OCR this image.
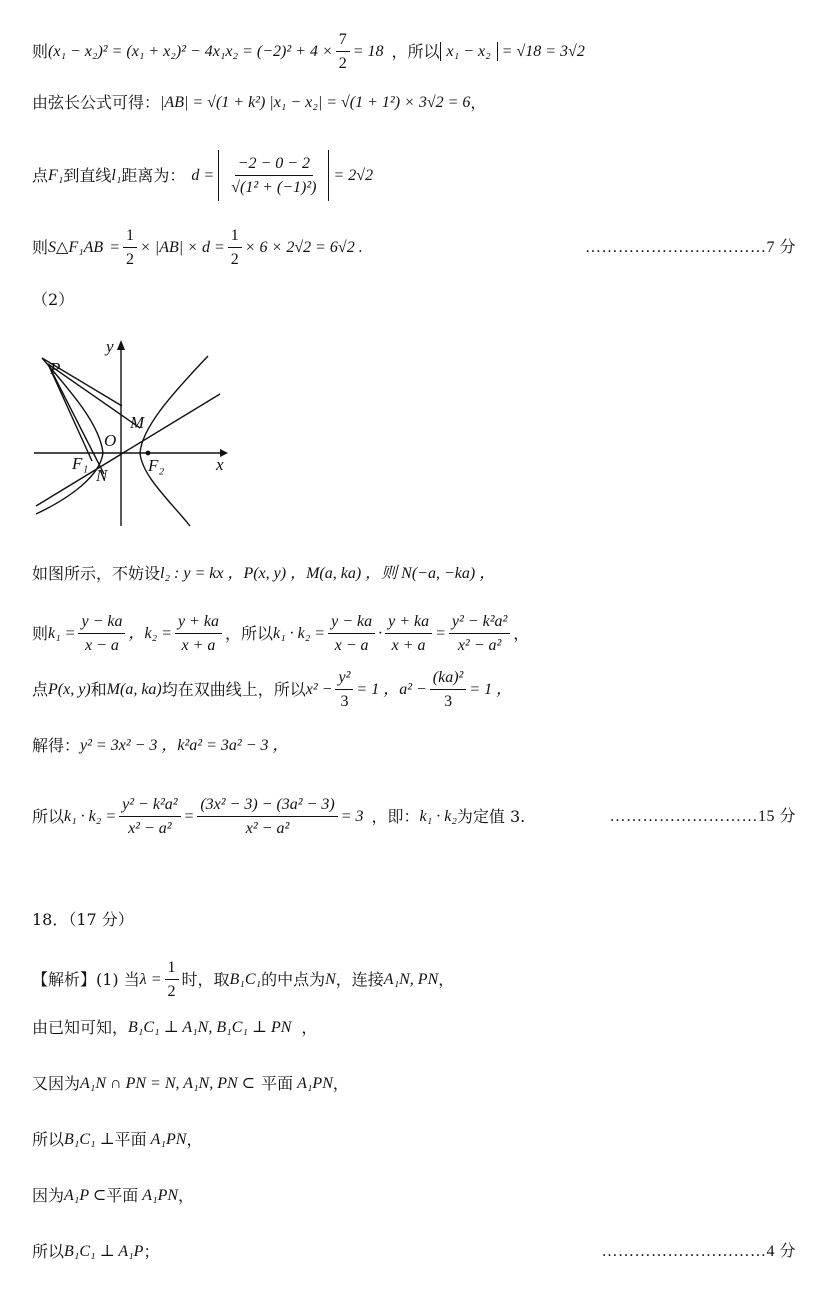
则 $(x_1 - x_2)^2 = (x_1 + x_2)^2 - 4x_1x_2 = (-2)^2 + 4 \times \frac{7}{2} = 18$ ，所以 x₁ − x₂ = √18 = 3√2
由弦长公式可得： |AB| = √(1 + k²) |x₁ − x₂| = √(1 + 1²) × 3√2 = 6 ，
点 F₁ 到直线 l₁ 距离为： $d = \frac{-2 - 0 - 2}{\text{√(1² + (−1)²)}} = 2√2$
则 S△F₁AB = $\frac{1}{2} \times |AB| \times d = \frac{1}{2} \times 6 \times 2√2 = 6√2$ .	……………………………7 分
（2）
y
x
P
M
O
F₁
N
F₂
如图所示，不妨设 l₂ : y = kx ，P(x, y) ，M(a, ka) ，则 N(−a, −ka) ，
则 $k_1 = \frac{y - ka}{x - a}$ ，$k_2 = \frac{y + ka}{x + a}$ ，所以 $k_1 \cdot k_2 = \frac{y - ka}{x - a} \cdot \frac{y + ka}{x + a} = \frac{\text{y² − k²a²}}{\text{x² − a²}}$ ，
点 P(x, y) 和 M(a, ka) 均在双曲线上，所以 $x^2 - \frac{\text{y²}}{3} = 1$ ，$a^2 - \frac{\text{(ka)²}}{3} = 1$ ，
解得： y² = 3x² − 3 ，k²a² = 3a² − 3 ，
所以 $k_1 \cdot k_2 = \frac{\text{y² − k²a²}}{\text{x² − a²}} = \frac{\text{(3x² − 3) − (3a² − 3)}}{\text{x² − a²}} = 3$ ，即： k₁ · k₂ 为定值 3.	………………………15 分
18．（17 分）
【解析】(1) 当 $\lambda = \frac{1}{2}$ 时，取 B₁C₁ 的中点为 N ，连接 A₁N, PN ，
由已知可知， B₁C₁ ⊥ A₁N, B₁C₁ ⊥ PN ，
又因为 A₁N ∩ PN = N, A₁N, PN ⊂ 平面 A₁PN ，
所以 B₁C₁ ⊥ 平面 A₁PN ，
因为 A₁P ⊂ 平面 A₁PN ，
所以 B₁C₁ ⊥ A₁P ；	…………………………4 分
